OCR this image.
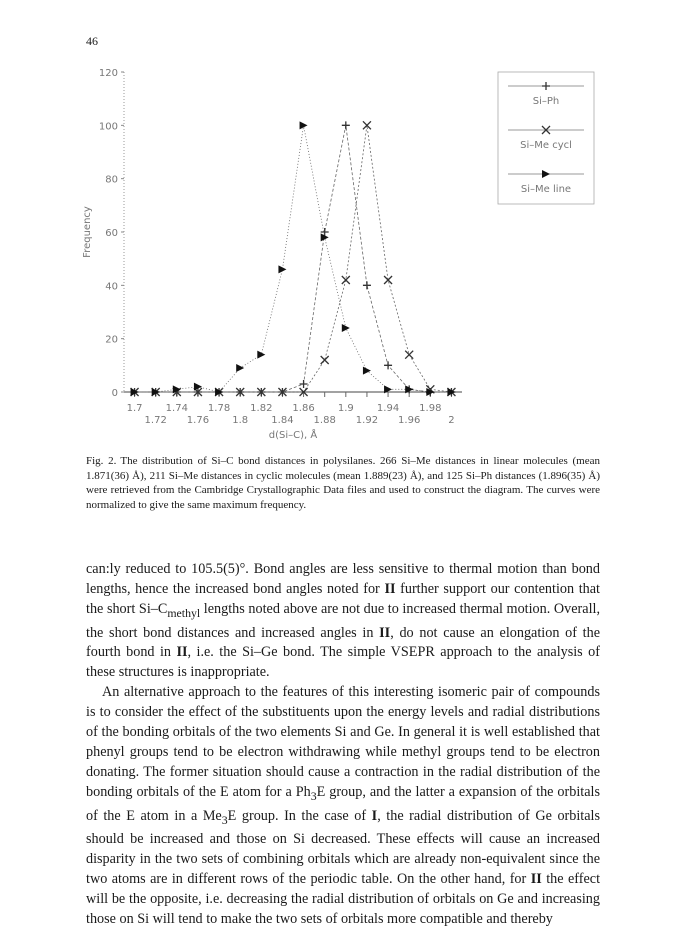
46
0
20
40
60
80
100
120
1.7 1.74 1.78 1.82 1.86 1.9 1.94 1.98
1.72 1.76 1.8 1.84 1.88 1.92 1.96	2
d(Si–C), Å
Frequency
Si–Ph
Si–Me cycl
Si–Me line
Fig. 2. The distribution of Si–C bond distances in polysilanes. 266 Si–Me distances in linear molecules (mean 1.871(36) Å), 211 Si–Me distances in cyclic molecules (mean 1.889(23) Å), and 125 Si–Ph distances (1.896(35) Å) were retrieved from the Cambridge Crystallographic Data files and used to construct the diagram. The curves were normalized to give the same maximum frequency.

can:ly reduced to 105.5(5)°. Bond angles are less sensitive to thermal motion than bond lengths, hence the increased bond angles noted for II further support our contention that the short $Si-C_{methyl}$ lengths noted above are not due to increased thermal motion. Overall, the short bond distances and increased angles in II, do not cause an elongation of the fourth bond in II, i.e. the Si–Ge bond. The simple VSEPR approach to the analysis of these structures is inappropriate.

An alternative approach to the features of this interesting isomeric pair of compounds is to consider the effect of the substituents upon the energy levels and radial distributions of the bonding orbitals of the two elements Si and Ge. In general it is well established that phenyl groups tend to be electron withdrawing while methyl groups tend to be electron donating. The former situation should cause a contraction in the radial distribution of the bonding orbitals of the E atom for a $Ph_3E$ group, and the latter a expansion of the orbitals of the E atom in a $Me_3E$ group. In the case of I, the radial distribution of Ge orbitals should be increased and those on Si decreased. These effects will cause an increased disparity in the two sets of combining orbitals which are already non-equivalent since the two atoms are in different rows of the periodic table. On the other hand, for II the effect will be the opposite, i.e. decreasing the radial distribution of orbitals on Ge and increasing those on Si will tend to make the two sets of orbitals more compatible and thereby
